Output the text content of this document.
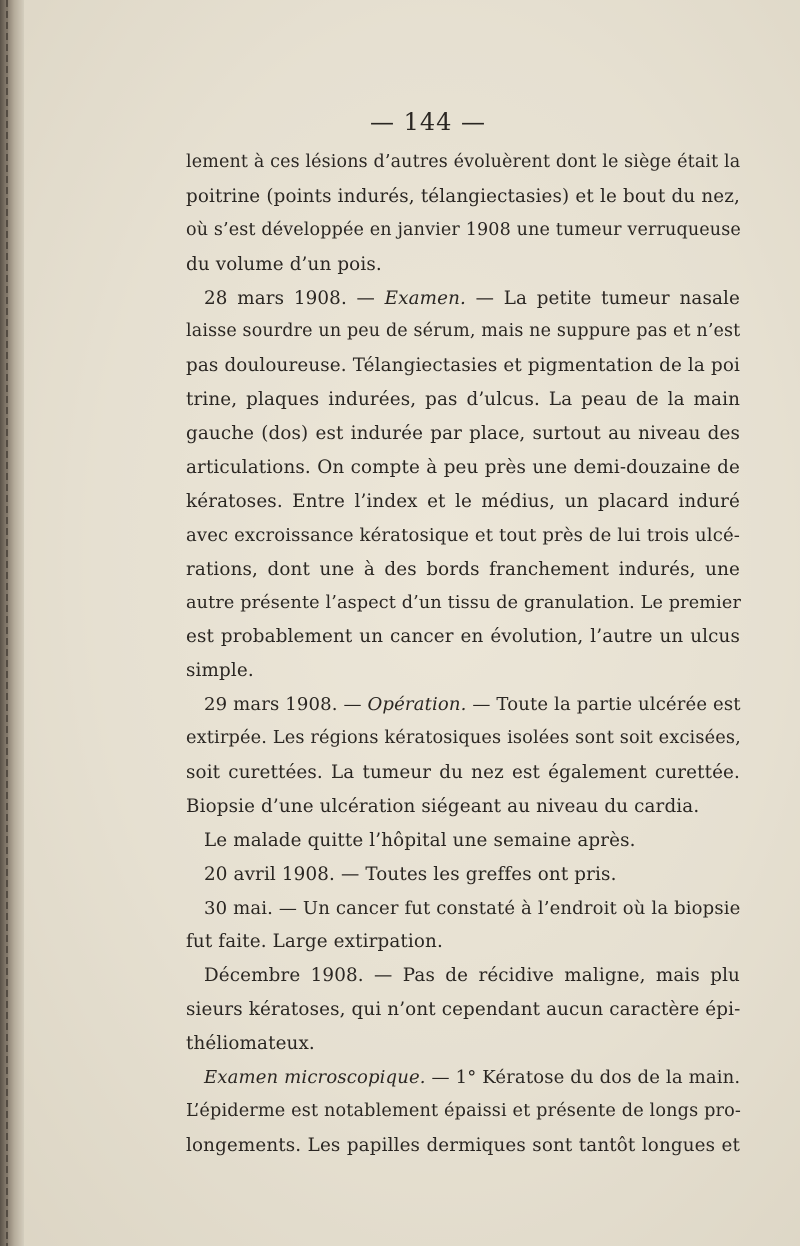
— 144 —
lement à ces lésions d’autres évoluèrent dont le siège était la
poitrine (points indurés, télangiectasies) et le bout du nez,
où s’est développée en janvier 1908 une tumeur verruqueuse
du volume d’un pois.
28 mars 1908. — Examen. — La petite tumeur nasale
laisse sourdre un peu de sérum, mais ne suppure pas et n’est
pas douloureuse. Télangiectasies et pigmentation de la poi
trine, plaques indurées, pas d’ulcus. La peau de la main
gauche (dos) est indurée par place, surtout au niveau des
articulations. On compte à peu près une demi-douzaine de
kératoses. Entre l’index et le médius, un placard induré
avec excroissance kératosique et tout près de lui trois ulcé-
rations, dont une à des bords franchement indurés, une
autre présente l’aspect d’un tissu de granulation. Le premier
est probablement un cancer en évolution, l’autre un ulcus
simple.
29 mars 1908. — Opération. — Toute la partie ulcérée est
extirpée. Les régions kératosiques isolées sont soit excisées,
soit curettées. La tumeur du nez est également curettée.
Biopsie d’une ulcération siégeant au niveau du cardia.
Le malade quitte l’hôpital une semaine après.
20 avril 1908. — Toutes les greffes ont pris.
30 mai. — Un cancer fut constaté à l’endroit où la biopsie
fut faite. Large extirpation.
Décembre 1908. — Pas de récidive maligne, mais plu
sieurs kératoses, qui n’ont cependant aucun caractère épi-
théliomateux.
Examen microscopique. — 1° Kératose du dos de la main.
L’épiderme est notablement épaissi et présente de longs pro-
longements. Les papilles dermiques sont tantôt longues et
